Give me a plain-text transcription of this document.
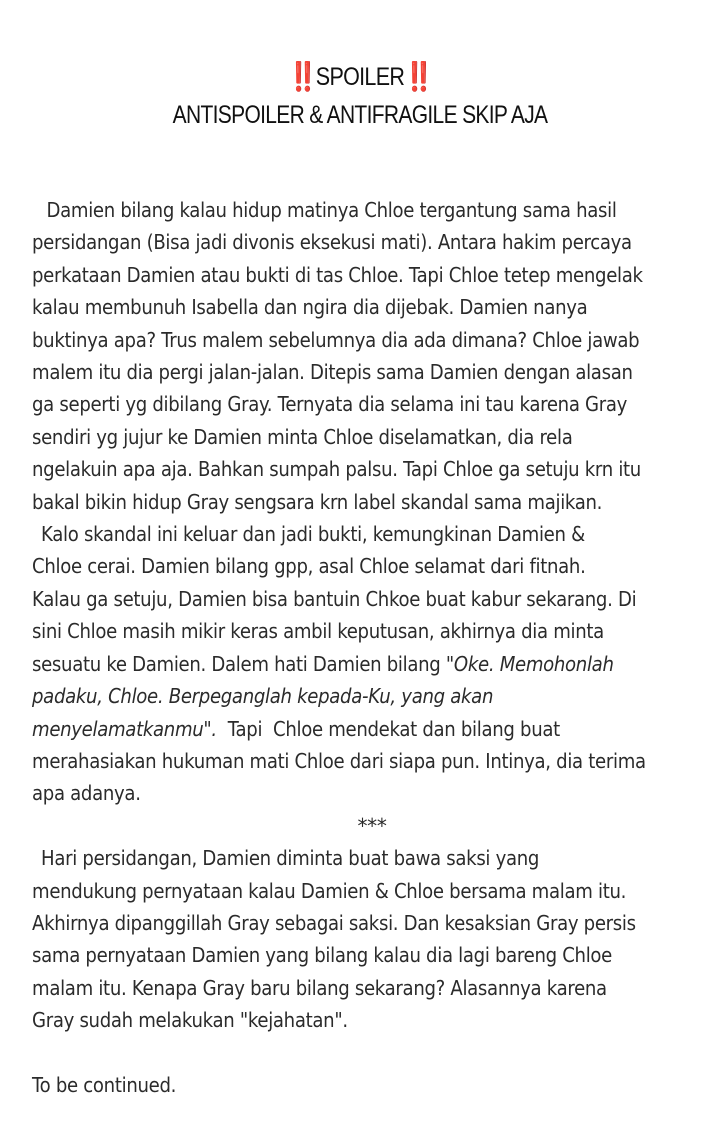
‼️SPOILER‼️
ANTISPOILER & ANTIFRAGILE SKIP AJA
Damien bilang kalau hidup matinya Chloe tergantung sama hasil
persidangan (Bisa jadi divonis eksekusi mati). Antara hakim percaya
perkataan Damien atau bukti di tas Chloe. Tapi Chloe tetep mengelak
kalau membunuh Isabella dan ngira dia dijebak. Damien nanya
buktinya apa? Trus malem sebelumnya dia ada dimana? Chloe jawab
malem itu dia pergi jalan-jalan. Ditepis sama Damien dengan alasan
ga seperti yg dibilang Gray. Ternyata dia selama ini tau karena Gray
sendiri yg jujur ke Damien minta Chloe diselamatkan, dia rela
ngelakuin apa aja. Bahkan sumpah palsu. Tapi Chloe ga setuju krn itu
bakal bikin hidup Gray sengsara krn label skandal sama majikan.
Kalo skandal ini keluar dan jadi bukti, kemungkinan Damien &
Chloe cerai. Damien bilang gpp, asal Chloe selamat dari fitnah.
Kalau ga setuju, Damien bisa bantuin Chkoe buat kabur sekarang. Di
sini Chloe masih mikir keras ambil keputusan, akhirnya dia minta
sesuatu ke Damien. Dalem hati Damien bilang "Oke. Memohonlah
padaku, Chloe. Berpeganglah kepada-Ku, yang akan
menyelamatkanmu".  Tapi  Chloe mendekat dan bilang buat
merahasiakan hukuman mati Chloe dari siapa pun. Intinya, dia terima
apa adanya.
***
Hari persidangan, Damien diminta buat bawa saksi yang
mendukung pernyataan kalau Damien & Chloe bersama malam itu.
Akhirnya dipanggillah Gray sebagai saksi. Dan kesaksian Gray persis
sama pernyataan Damien yang bilang kalau dia lagi bareng Chloe
malam itu. Kenapa Gray baru bilang sekarang? Alasannya karena
Gray sudah melakukan "kejahatan".
To be continued.
